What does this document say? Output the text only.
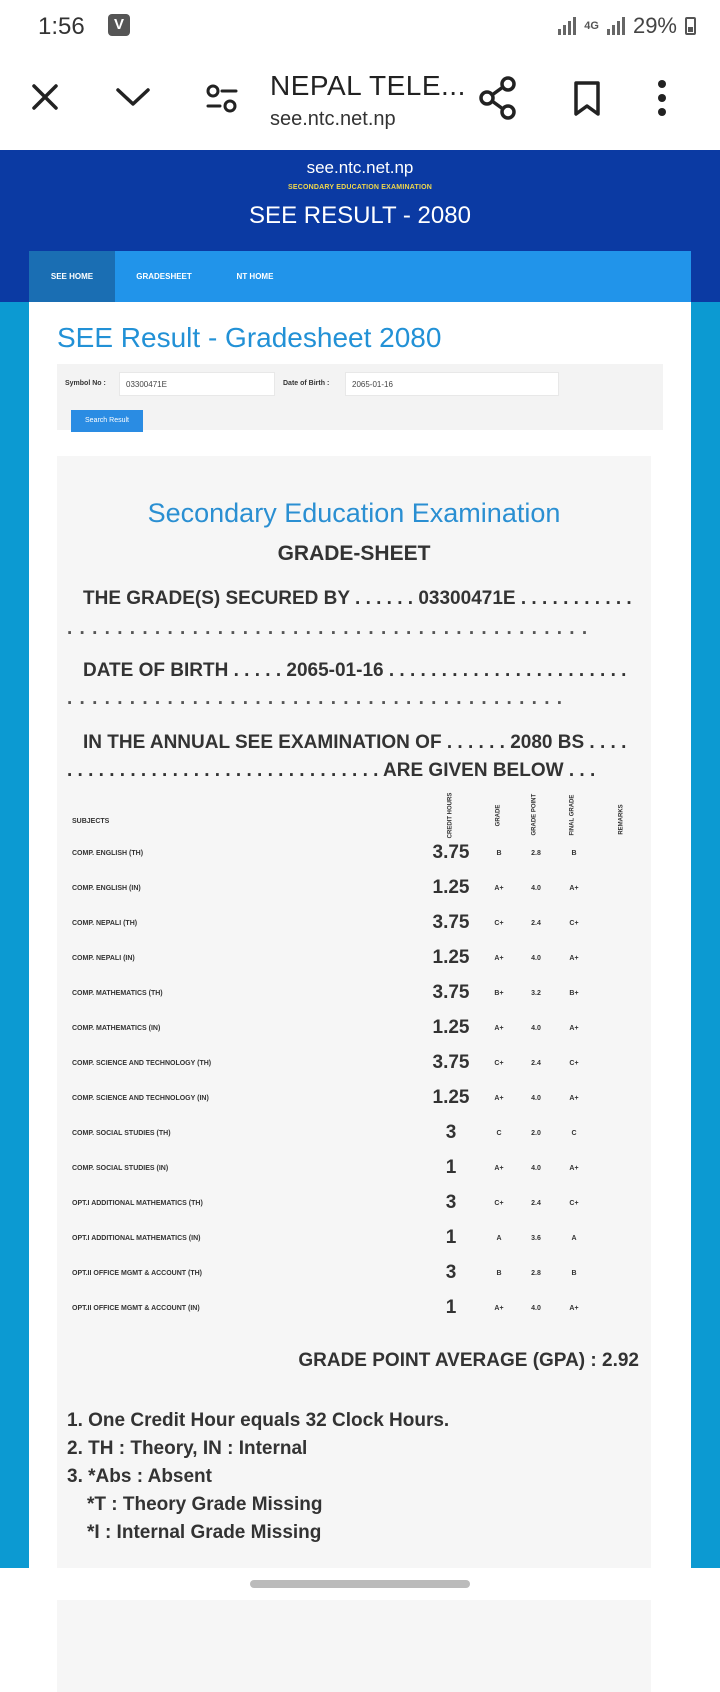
1:56	V	4G 29%
NEPAL TELE...
see.ntc.net.np
see.ntc.net.np
SECONDARY EDUCATION EXAMINATION
SEE RESULT - 2080
SEE HOME	GRADESHEET	NT HOME
SEE Result - Gradesheet 2080
Symbol No :	03300471E	Date of Birth :	2065-01-16
Search Result
Secondary Education Examination
GRADE-SHEET
THE GRADE(S) SECURED BY . . . . . . 03300471E . . . . . . . . . . .
. . . . . . . . . . . . . . . . . . . . . . . . . . . . . . . . . . . . . . . . . .
DATE OF BIRTH . . . . . 2065-01-16 . . . . . . . . . . . . . . . . . . . . . . .
. . . . . . . . . . . . . . . . . . . . . . . . . . . . . . . . . . . . . . . .
IN THE ANNUAL SEE EXAMINATION OF . . . . . . 2080 BS . . . .
. . . . . . . . . . . . . . . . . . . . . . . . . . . . . . ARE GIVEN BELOW . . .
SUBJECTS	CREDIT HOURS	GRADE	GRADE POINT	FINAL GRADE	REMARKS
COMP. ENGLISH (TH)	3.75	B	2.8	B
COMP. ENGLISH (IN)	1.25	A+	4.0	A+
COMP. NEPALI (TH)	3.75	C+	2.4	C+
COMP. NEPALI (IN)	1.25	A+	4.0	A+
COMP. MATHEMATICS (TH)	3.75	B+	3.2	B+
COMP. MATHEMATICS (IN)	1.25	A+	4.0	A+
COMP. SCIENCE AND TECHNOLOGY (TH)	3.75	C+	2.4	C+
COMP. SCIENCE AND TECHNOLOGY (IN)	1.25	A+	4.0	A+
COMP. SOCIAL STUDIES (TH)	3	C	2.0	C
COMP. SOCIAL STUDIES (IN)	1	A+	4.0	A+
OPT.I ADDITIONAL MATHEMATICS (TH)	3	C+	2.4	C+
OPT.I ADDITIONAL MATHEMATICS (IN)	1	A	3.6	A
OPT.II OFFICE MGMT & ACCOUNT (TH)	3	B	2.8	B
OPT.II OFFICE MGMT & ACCOUNT (IN)	1	A+	4.0	A+
GRADE POINT AVERAGE (GPA) : 2.92
1. One Credit Hour equals 32 Clock Hours.
2. TH : Theory, IN : Internal
3. *Abs : Absent
*T : Theory Grade Missing
*I : Internal Grade Missing
